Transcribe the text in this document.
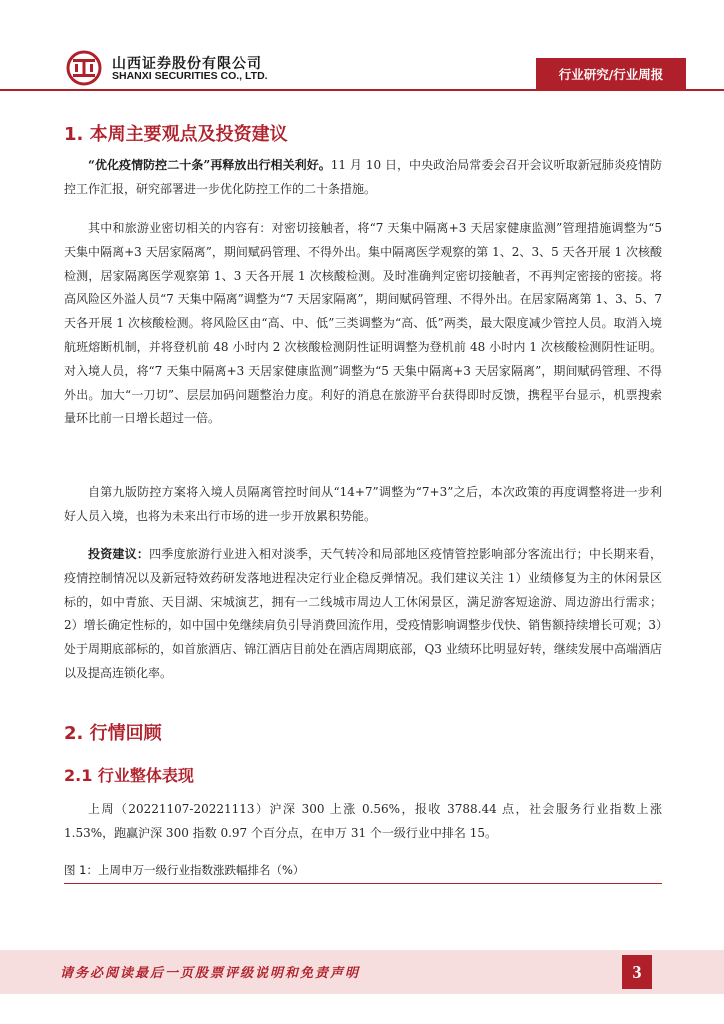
山西证券股份有限公司
SHANXI SECURITIES CO., LTD.	行业研究/行业周报
1. 本周主要观点及投资建议
“优化疫情防控二十条”再释放出行相关利好。11 月 10 日，中央政治局常委会召开会议听取新冠肺炎疫情防控工作汇报，研究部署进一步优化防控工作的二十条措施。
其中和旅游业密切相关的内容有：对密切接触者，将“7 天集中隔离+3 天居家健康监测”管理措施调整为“5 天集中隔离+3 天居家隔离”，期间赋码管理、不得外出。集中隔离医学观察的第 1、2、3、5 天各开展 1 次核酸检测，居家隔离医学观察第 1、3 天各开展 1 次核酸检测。及时准确判定密切接触者，不再判定密接的密接。将高风险区外溢人员“7 天集中隔离”调整为“7 天居家隔离”，期间赋码管理、不得外出。在居家隔离第 1、3、5、7 天各开展 1 次核酸检测。将风险区由“高、中、低”三类调整为“高、低”两类，最大限度减少管控人员。取消入境航班熔断机制，并将登机前 48 小时内 2 次核酸检测阴性证明调整为登机前 48 小时内 1 次核酸检测阴性证明。对入境人员，将“7 天集中隔离+3 天居家健康监测”调整为“5 天集中隔离+3 天居家隔离”，期间赋码管理、不得外出。加大“一刀切”、层层加码问题整治力度。利好的消息在旅游平台获得即时反馈，携程平台显示，机票搜索量环比前一日增长超过一倍。
自第九版防控方案将入境人员隔离管控时间从“14+7”调整为“7+3”之后，本次政策的再度调整将进一步利好人员入境，也将为未来出行市场的进一步开放累积势能。
投资建议：四季度旅游行业进入相对淡季，天气转冷和局部地区疫情管控影响部分客流出行；中长期来看，疫情控制情况以及新冠特效药研发落地进程决定行业企稳反弹情况。我们建议关注 1）业绩修复为主的休闲景区标的，如中青旅、天目湖、宋城演艺，拥有一二线城市周边人工休闲景区，满足游客短途游、周边游出行需求；2）增长确定性标的，如中国中免继续肩负引导消费回流作用，受疫情影响调整步伐快、销售额持续增长可观；3）处于周期底部标的，如首旅酒店、锦江酒店目前处在酒店周期底部，Q3 业绩环比明显好转，继续发展中高端酒店以及提高连锁化率。
2. 行情回顾
2.1 行业整体表现
上周（20221107-20221113）沪深 300 上涨 0.56%，报收 3788.44 点，社会服务行业指数上涨 1.53%，跑赢沪深 300 指数 0.97 个百分点，在申万 31 个一级行业中排名 15。
图 1：上周申万一级行业指数涨跌幅排名（%）
请务必阅读最后一页股票评级说明和免责声明	3
